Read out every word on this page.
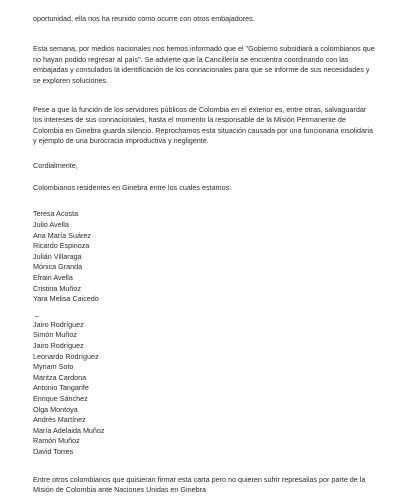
oportunidad, ella nos ha reunido como ocurre con otros embajadores.

Esta semana, por medios nacionales nos hemos informado que el "Gobierno subsidiará a colombianos que no hayan podido regresar al país". Se advierte que la Cancillería se encuentra coordinando con las embajadas y consulados la identificación de los connacionales para que se informe de sus necesidades y se exploren soluciones.

Pese a que la función de los servidores públicos de Colombia en el exterior es, entre otras, salvaguardar los intereses de sus connacionales, hasta el momento la responsable de la Misión Permanente de Colombia en Ginebra guarda silencio. Reprochamos esta situación causada por una funcionaria insolidaria y ejemplo de una burocracia improductiva y negligente.

Cordialmente,

Colombianos residentes en Ginebra entre los cuales estamos:

Teresa Acosta
Julio Avella
Ana María Suárez
Ricardo Espinoza
Julián Villaraga
Mónica Granda
Efrain Avella
Cristina Muñoz
Yara Melisa Caicedo
–
Jairo Rodríguez
Simón Muñoz
Jairo Rodríguez
Leonardo Rodríguez
Myriam Soto
Maritza Cardona
Antonio Tangarife
Enrique Sánchez
Olga Montoya
Andrés Martínez
María Adelaida Muñoz
Ramón Muñoz
David Torres

Entre otros colombianos que quisieran firmar esta carta pero no quieren sufrir represalias por parte de la Misión de Colombia ante Naciones Unidas en Ginebra
